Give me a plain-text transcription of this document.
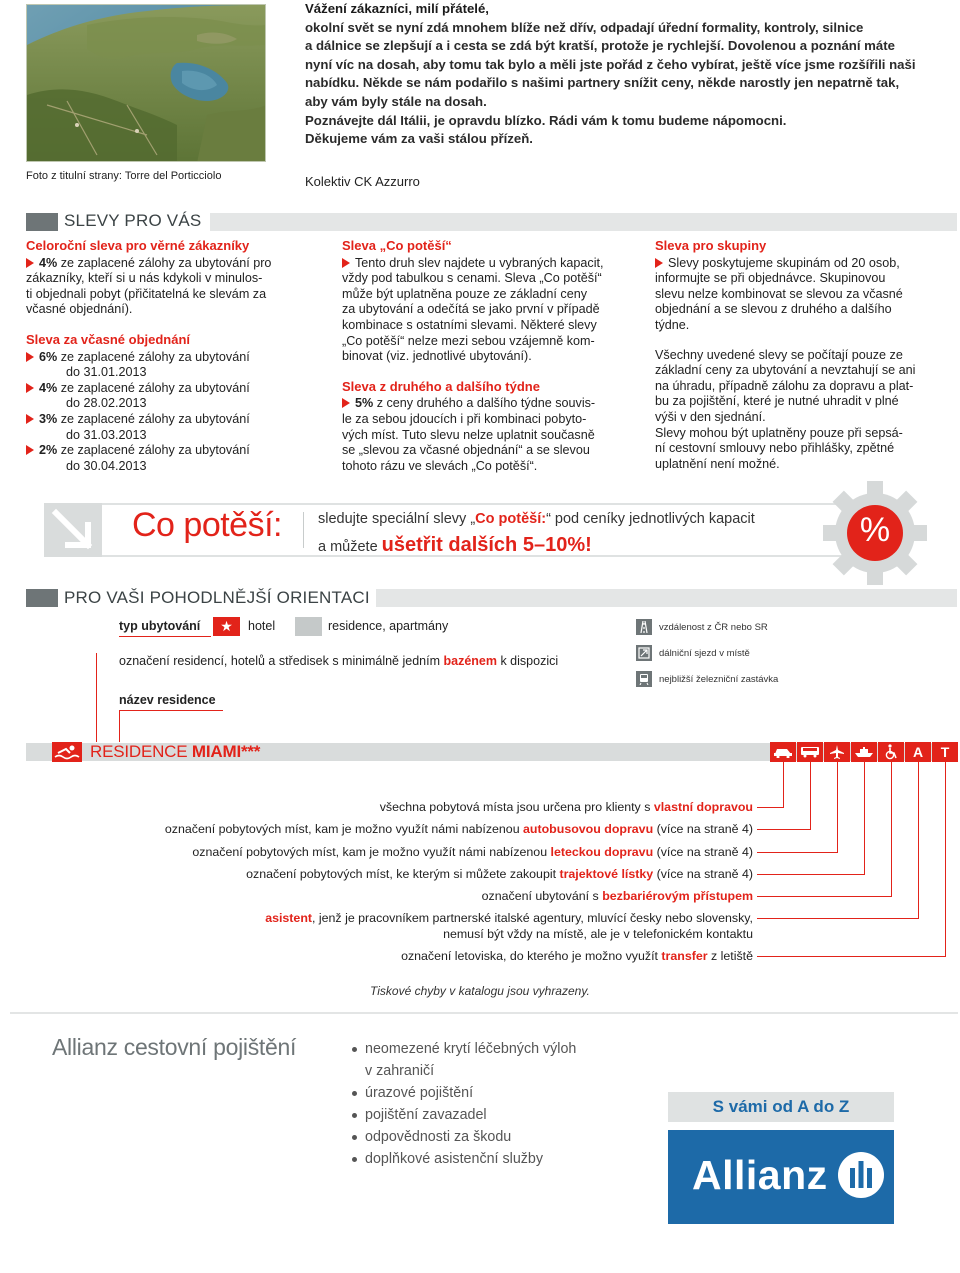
Foto z titulní strany: Torre del Porticciolo
Vážení zákazníci, milí přátelé,
okolní svět se nyní zdá mnohem blíže než dřív, odpadají úřední formality, kontroly, silnice
a dálnice se zlepšují a i cesta se zdá být kratší, protože je rychlejší. Dovolenou a poznání máte
nyní víc na dosah, aby tomu tak bylo a měli jste pořád z čeho vybírat, ještě více jsme rozšířili naši
nabídku. Někde se nám podařilo s našimi partnery snížit ceny, někde narostly jen nepatrně tak,
aby vám byly stále na dosah.
Poznávejte dál Itálii, je opravdu blízko. Rádi vám k tomu budeme nápomocni.
Děkujeme vám za vaši stálou přízeň.
Kolektiv CK Azzurro
SLEVY PRO VÁS
Celoroční sleva pro věrné zákazníky
4% ze zaplacené zálohy za ubytování pro
zákazníky, kteří si u nás kdykoli v minulos-
ti objednali pobyt (přičitatelná ke slevám za
včasné objednání).
Sleva za včasné objednání
6% ze zaplacené zálohy za ubytování
do 31.01.2013
4% ze zaplacené zálohy za ubytování
do 28.02.2013
3% ze zaplacené zálohy za ubytování
do 31.03.2013
2% ze zaplacené zálohy za ubytování
do 30.04.2013
Sleva „Co potěší“
Tento druh slev najdete u vybraných kapacit,
vždy pod tabulkou s cenami. Sleva „Co potěší“
může být uplatněna pouze ze základní ceny
za ubytování a odečítá se jako první v případě
kombinace s ostatními slevami. Některé slevy
„Co potěší“ nelze mezi sebou vzájemně kom-
binovat (viz. jednotlivé ubytování).
Sleva z druhého a dalšího týdne
5% z ceny druhého a dalšího týdne souvis-
le za sebou jdoucích i při kombinaci pobyto-
vých míst. Tuto slevu nelze uplatnit současně
se „slevou za včasné objednání“ a se slevou
tohoto rázu ve slevách „Co potěší“.
Sleva pro skupiny
Slevy poskytujeme skupinám od 20 osob,
informujte se při objednávce. Skupinovou
slevu nelze kombinovat se slevou za včasné
objednání a se slevou z druhého a dalšího
týdne.
Všechny uvedené slevy se počítají pouze ze
základní ceny za ubytování a nevztahují se ani
na úhradu, případně zálohu za dopravu a plat-
bu za pojištění, které je nutné uhradit v plné
výši v den sjednání.
Slevy mohou být uplatněny pouze při sepsá-
ní cestovní smlouvy nebo přihlášky, zpětné
uplatnění není možné.
Co potěší: sledujte speciální slevy „Co potěší:“ pod ceníky jednotlivých kapacit
a můžete ušetřit dalších 5–10%!	%
PRO VAŠI POHODLNĚJŠÍ ORIENTACI
typ ubytování	★	hotel	residence, apartmány
označení residencí, hotelů a středisek s minimálně jedním bazénem k dispozici
název residence
vzdálenost z ČR nebo SR
dálniční sjezd v místě
nejbližší železniční zastávka
RESIDENCE MIAMI***	A	T
všechna pobytová místa jsou určena pro klienty s vlastní dopravou
označení pobytových míst, kam je možno využít námi nabízenou autobusovou dopravu (více na straně 4)
označení pobytových míst, kam je možno využít námi nabízenou leteckou dopravu (více na straně 4)
označení pobytových míst, ke kterým si můžete zakoupit trajektové lístky (více na straně 4)
označení ubytování s bezbariérovým přístupem
asistent, jenž je pracovníkem partnerské italské agentury, mluvící česky nebo slovensky,
nemusí být vždy na místě, ale je v telefonickém kontaktu
označení letoviska, do kterého je možno využít transfer z letiště
Tiskové chyby v katalogu jsou vyhrazeny.
Allianz cestovní pojištění	neomezené krytí léčebných výloh
v zahraničí
úrazové pojištění
pojištění zavazadel
odpovědnosti za škodu
doplňkové asistenční služby
S vámi od A do Z
Allianz
